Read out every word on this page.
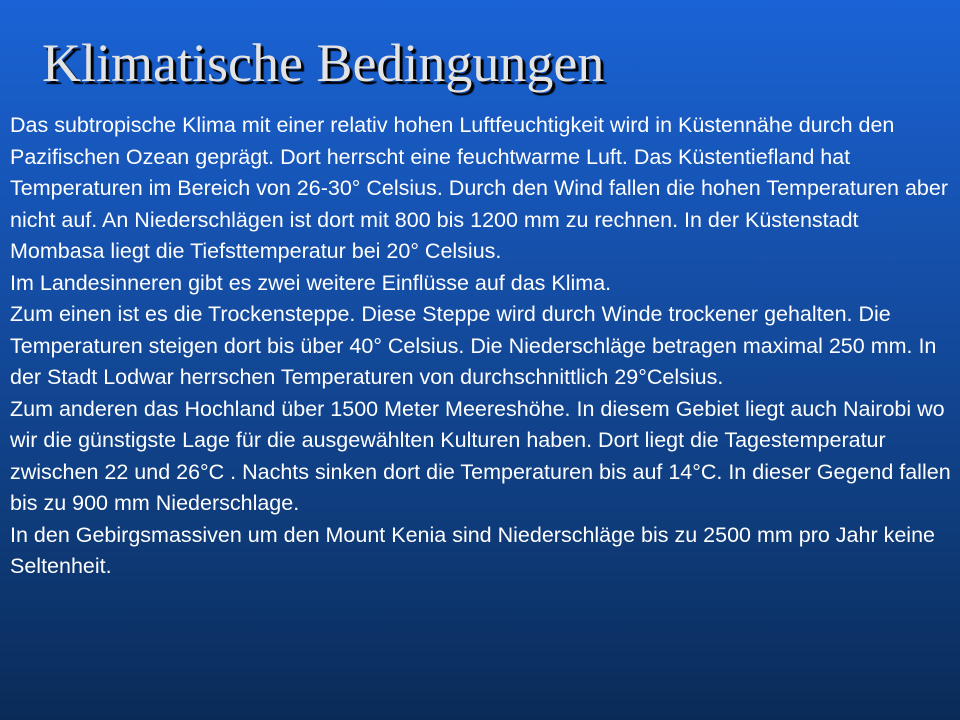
Klimatische Bedingungen

Das subtropische Klima mit einer relativ hohen Luftfeuchtigkeit wird in Küstennähe durch den Pazifischen Ozean geprägt. Dort herrscht eine feuchtwarme Luft. Das Küstentiefland hat Temperaturen im Bereich von 26-30° Celsius. Durch den Wind fallen die hohen Temperaturen aber nicht auf. An Niederschlägen ist dort mit 800 bis 1200 mm zu rechnen. In der Küstenstadt Mombasa liegt die Tiefsttemperatur bei 20° Celsius.

Im Landesinneren gibt es zwei weitere Einflüsse auf das Klima.

Zum einen ist es die Trockensteppe. Diese Steppe wird durch Winde trockener gehalten. Die Temperaturen steigen dort bis über 40° Celsius. Die Niederschläge betragen maximal 250 mm. In der Stadt Lodwar herrschen Temperaturen von durchschnittlich 29°Celsius.

Zum anderen das Hochland über 1500 Meter Meereshöhe. In diesem Gebiet liegt auch Nairobi wo wir die günstigste Lage für die ausgewählten Kulturen haben. Dort liegt die Tagestemperatur zwischen 22 und 26°C . Nachts sinken dort die Temperaturen bis auf 14°C. In dieser Gegend fallen bis zu 900 mm Niederschlage.

In den Gebirgsmassiven um den Mount Kenia sind Niederschläge bis zu 2500 mm pro Jahr keine Seltenheit.
